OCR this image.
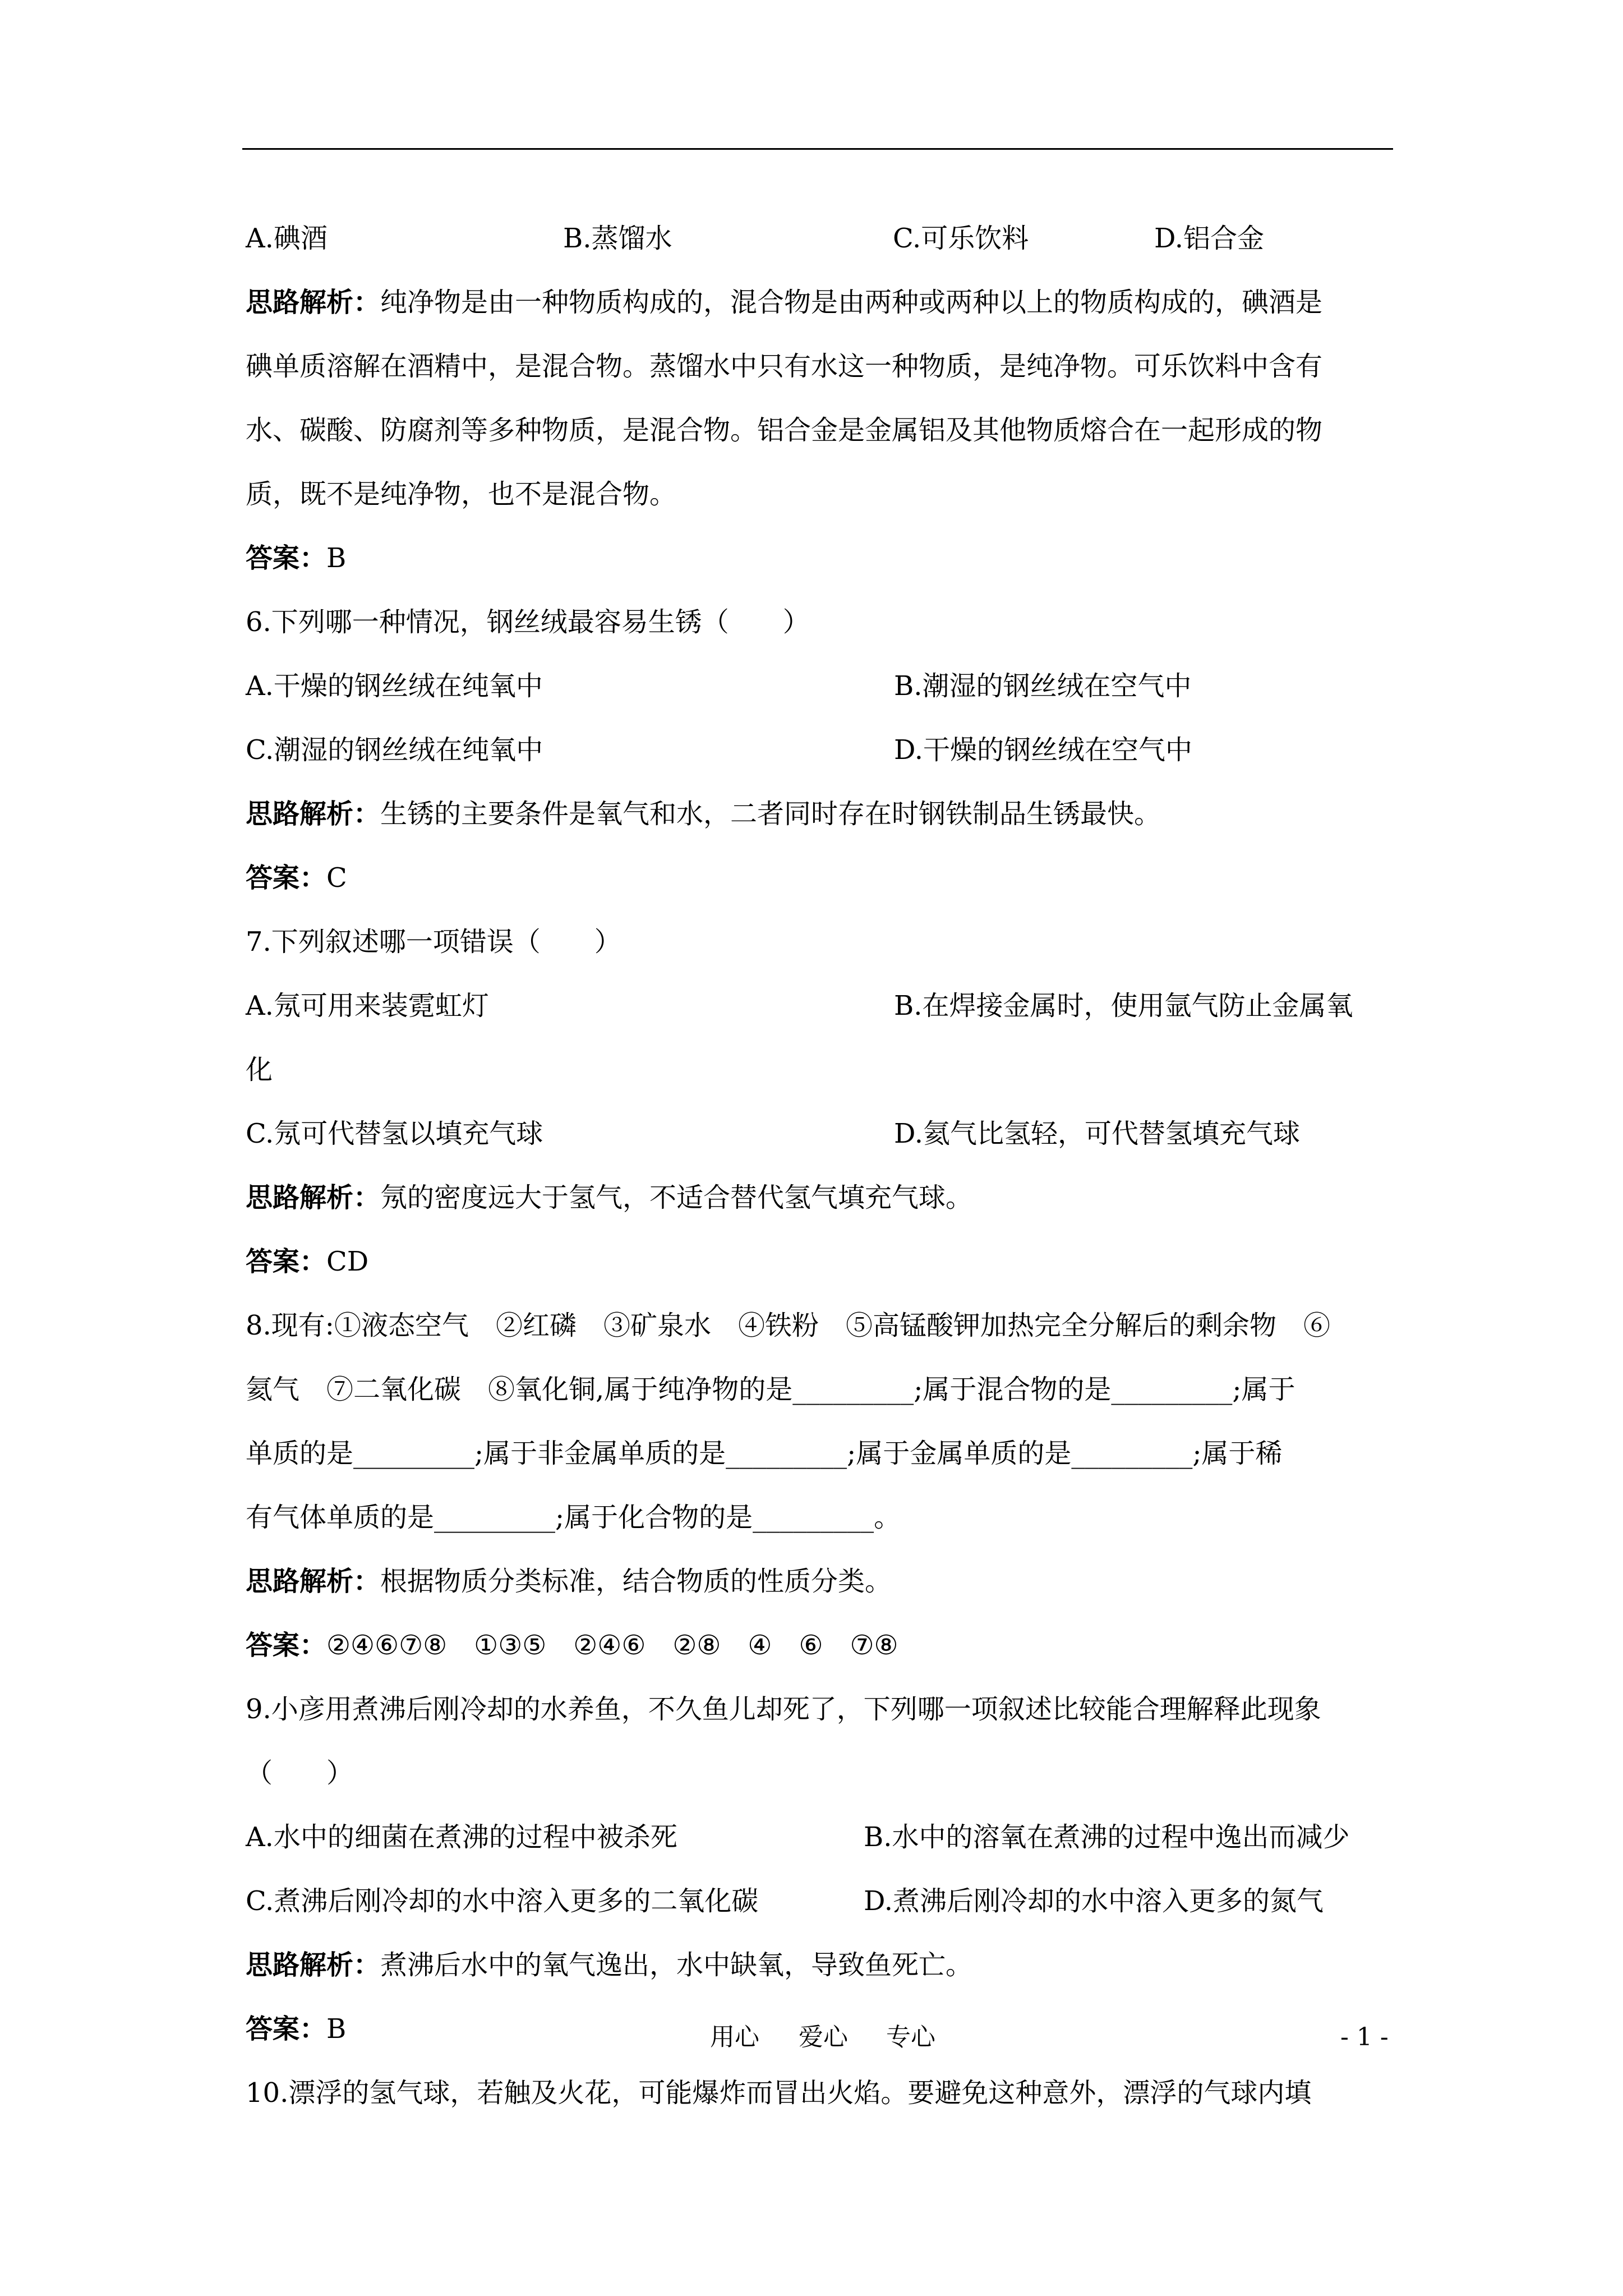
A.碘酒	B.蒸馏水	C.可乐饮料	D.铝合金
思路解析：纯净物是由一种物质构成的，混合物是由两种或两种以上的物质构成的，碘酒是
碘单质溶解在酒精中，是混合物。蒸馏水中只有水这一种物质，是纯净物。可乐饮料中含有
水、碳酸、防腐剂等多种物质，是混合物。铝合金是金属铝及其他物质熔合在一起形成的物
质，既不是纯净物，也不是混合物。
答案：B
6.下列哪一种情况，钢丝绒最容易生锈（　　）
A.干燥的钢丝绒在纯氧中	B.潮湿的钢丝绒在空气中
C.潮湿的钢丝绒在纯氧中	D.干燥的钢丝绒在空气中
思路解析：生锈的主要条件是氧气和水，二者同时存在时钢铁制品生锈最快。
答案：C
7.下列叙述哪一项错误（　　）
A.氖可用来装霓虹灯	B.在焊接金属时，使用氩气防止金属氧
化
C.氖可代替氢以填充气球	D.氦气比氢轻，可代替氢填充气球
思路解析：氖的密度远大于氢气，不适合替代氢气填充气球。
答案：CD
8.现有:①液态空气　②红磷　③矿泉水　④铁粉　⑤高锰酸钾加热完全分解后的剩余物　⑥
氦气　⑦二氧化碳　⑧氧化铜,属于纯净物的是_________;属于混合物的是_________;属于
单质的是_________;属于非金属单质的是_________;属于金属单质的是_________;属于稀
有气体单质的是_________;属于化合物的是_________。
思路解析：根据物质分类标准，结合物质的性质分类。
答案：②④⑥⑦⑧　①③⑤　②④⑥　②⑧　④　⑥　⑦⑧
9.小彦用煮沸后刚冷却的水养鱼，不久鱼儿却死了，下列哪一项叙述比较能合理解释此现象
（　　）
A.水中的细菌在煮沸的过程中被杀死	B.水中的溶氧在煮沸的过程中逸出而减少
C.煮沸后刚冷却的水中溶入更多的二氧化碳	D.煮沸后刚冷却的水中溶入更多的氮气
思路解析：煮沸后水中的氧气逸出，水中缺氧，导致鱼死亡。
答案：B
10.漂浮的氢气球，若触及火花，可能爆炸而冒出火焰。要避免这种意外，漂浮的气球内填
用心 爱心 专心	- 1 -
